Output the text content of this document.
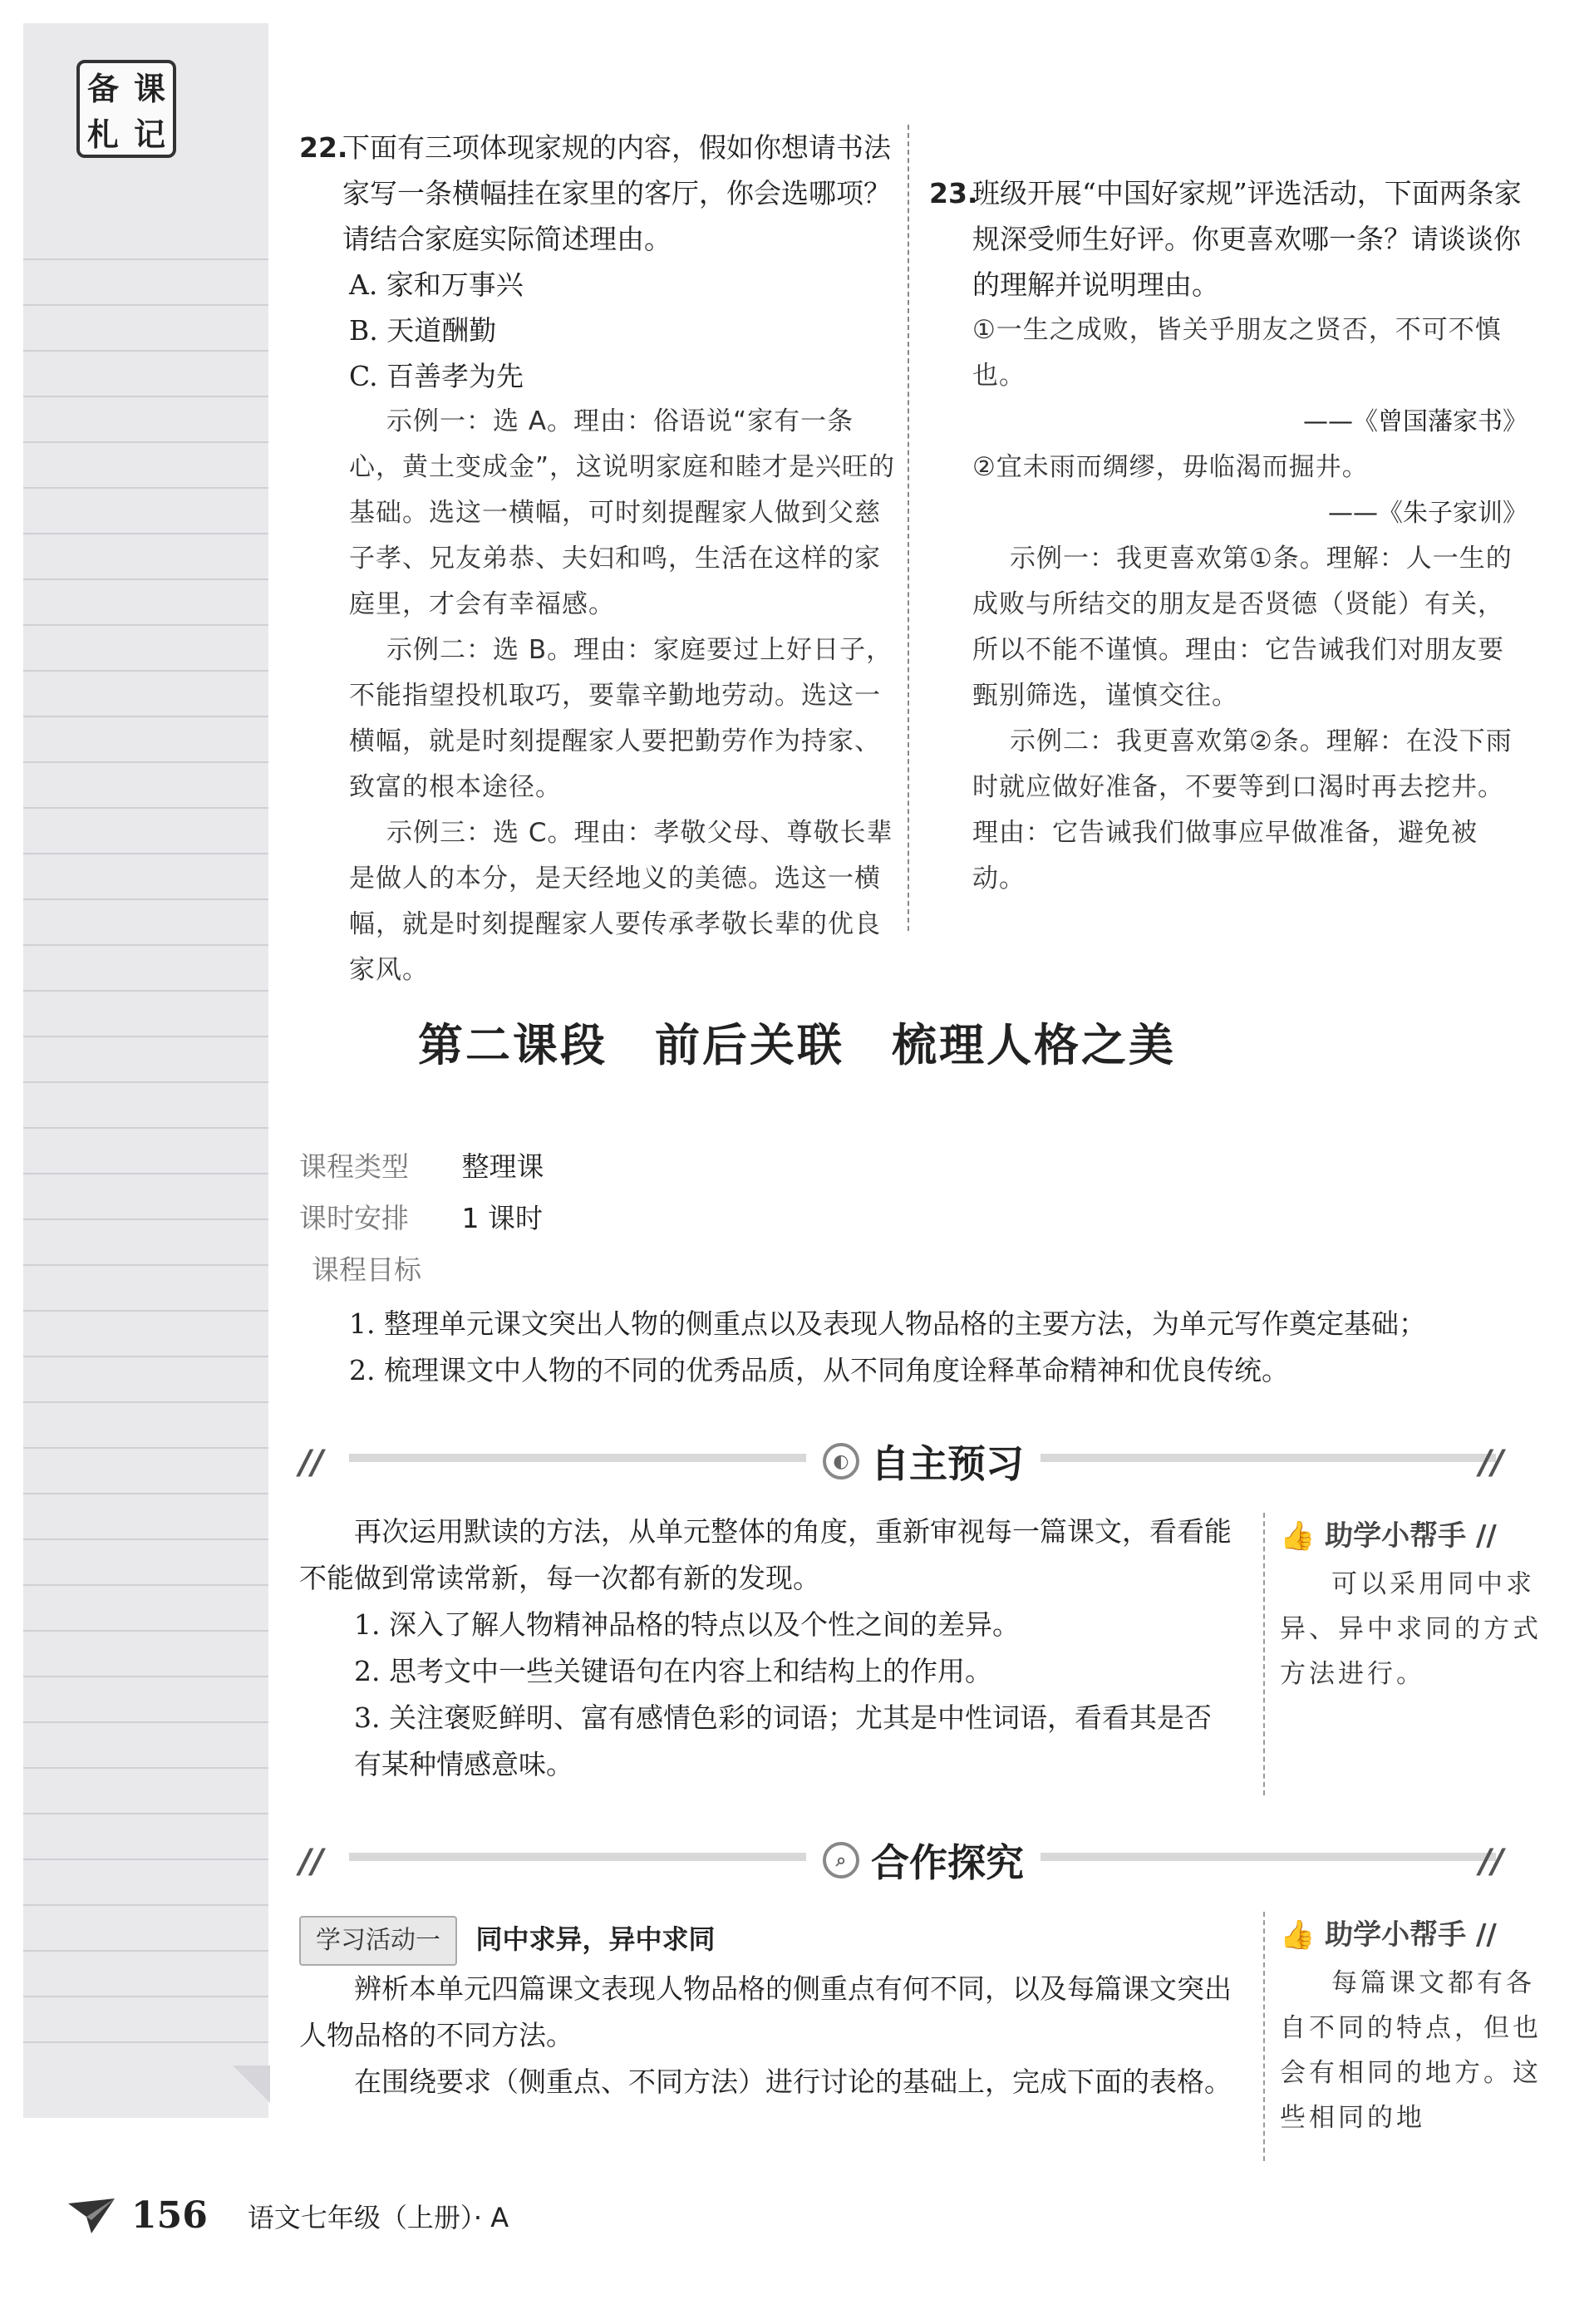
备 课
札 记	22.
下面有三项体现家规的内容，假如你想请书法家写一条横幅挂在家里的客厅，你会选哪项？请结合家庭实际简述理由。
A. 家和万事兴
B. 天道酬勤
C. 百善孝为先
示例一：选 A。理由：俗语说“家有一条心，黄土变成金”，这说明家庭和睦才是兴旺的基础。选这一横幅，可时刻提醒家人做到父慈子孝、兄友弟恭、夫妇和鸣，生活在这样的家庭里，才会有幸福感。
示例二：选 B。理由：家庭要过上好日子，不能指望投机取巧，要靠辛勤地劳动。选这一横幅，就是时刻提醒家人要把勤劳作为持家、致富的根本途径。
示例三：选 C。理由：孝敬父母、尊敬长辈是做人的本分，是天经地义的美德。选这一横幅，就是时刻提醒家人要传承孝敬长辈的优良家风。
23.
班级开展“中国好家规”评选活动，下面两条家规深受师生好评。你更喜欢哪一条？请谈谈你的理解并说明理由。
①一生之成败，皆关乎朋友之贤否，不可不慎也。
——《曾国藩家书》
②宜未雨而绸缪，毋临渴而掘井。
——《朱子家训》
示例一：我更喜欢第①条。理解：人一生的成败与所结交的朋友是否贤德（贤能）有关，所以不能不谨慎。理由：它告诫我们对朋友要甄别筛选，谨慎交往。
示例二：我更喜欢第②条。理解：在没下雨时就应做好准备，不要等到口渴时再去挖井。理由：它告诫我们做事应早做准备，避免被动。
第二课段　前后关联　梳理人格之美
课程类型 整理课
课时安排 1 课时
课程目标
1. 整理单元课文突出人物的侧重点以及表现人物品格的主要方法，为单元写作奠定基础；
2. 梳理课文中人物的不同的优秀品质，从不同角度诠释革命精神和优良传统。
//	//
◐ 自主预习
再次运用默读的方法，从单元整体的角度，重新审视每一篇课文，看看能不能做到常读常新，每一次都有新的发现。
1. 深入了解人物精神品格的特点以及个性之间的差异。
2. 思考文中一些关键语句在内容上和结构上的作用。
3. 关注褒贬鲜明、富有感情色彩的词语；尤其是中性词语，看看其是否有某种情感意味。
👍 助学小帮手 //
可以采用同中求异、异中求同的方式方法进行。
//	//
⌕ 合作探究
学习活动一 同中求异，异中求同
辨析本单元四篇课文表现人物品格的侧重点有何不同，以及每篇课文突出人物品格的不同方法。
在围绕要求（侧重点、不同方法）进行讨论的基础上，完成下面的表格。
👍 助学小帮手 //
每篇课文都有各自不同的特点，但也会有相同的地方。这些相同的地
156 语文七年级（上册）· A
